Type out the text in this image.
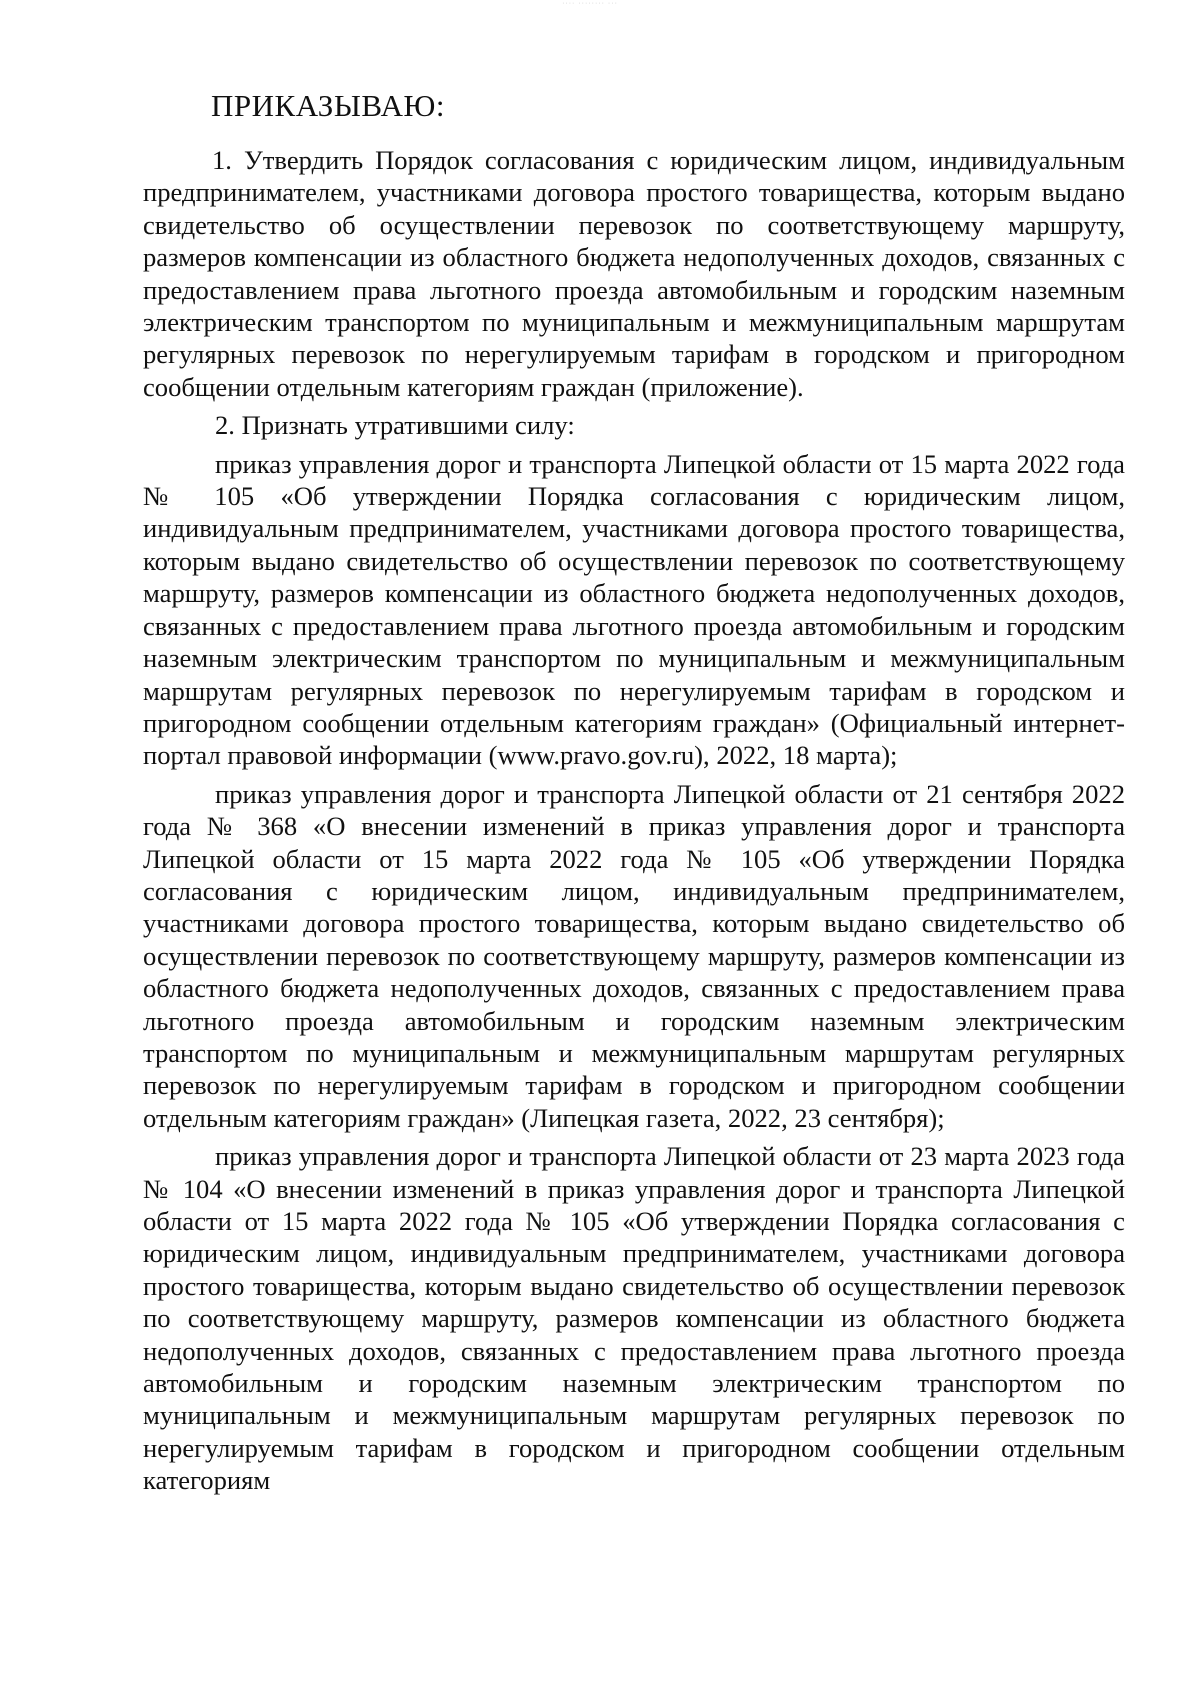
···· ········ ···
ПРИКАЗЫВАЮ:

1. Утвердить Порядок согласования с юридическим лицом, индивидуальным предпринимателем, участниками договора простого товарищества, которым выдано свидетельство об осуществлении перевозок по соответствующему маршруту, размеров компенсации из областного бюджета недополученных доходов, связанных с предоставлением права льготного проезда автомобильным и городским наземным электрическим транспортом по муниципальным и межмуниципальным маршрутам регулярных перевозок по нерегулируемым тарифам в городском и пригородном сообщении отдельным категориям граждан (приложение).

2. Признать утратившими силу:

приказ управления дорог и транспорта Липецкой области от 15 марта 2022 года № 105 «Об утверждении Порядка согласования с юридическим лицом, индивидуальным предпринимателем, участниками договора простого товарищества, которым выдано свидетельство об осуществлении перевозок по соответствующему маршруту, размеров компенсации из областного бюджета недополученных доходов, связанных с предоставлением права льготного проезда автомобильным и городским наземным электрическим транспортом по муниципальным и межмуниципальным маршрутам регулярных перевозок по нерегулируемым тарифам в городском и пригородном сообщении отдельным категориям граждан» (Официальный интернет-портал правовой информации (www.pravo.gov.ru), 2022, 18 марта);

приказ управления дорог и транспорта Липецкой области от 21 сентября 2022 года № 368 «О внесении изменений в приказ управления дорог и транспорта Липецкой области от 15 марта 2022 года № 105 «Об утверждении Порядка согласования с юридическим лицом, индивидуальным предпринимателем, участниками договора простого товарищества, которым выдано свидетельство об осуществлении перевозок по соответствующему маршруту, размеров компенсации из областного бюджета недополученных доходов, связанных с предоставлением права льготного проезда автомобильным и городским наземным электрическим транспортом по муниципальным и межмуниципальным маршрутам регулярных перевозок по нерегулируемым тарифам в городском и пригородном сообщении отдельным категориям граждан» (Липецкая газета, 2022, 23 сентября);

приказ управления дорог и транспорта Липецкой области от 23 марта 2023 года № 104 «О внесении изменений в приказ управления дорог и транспорта Липецкой области от 15 марта 2022 года № 105 «Об утверждении Порядка согласования с юридическим лицом, индивидуальным предпринимателем, участниками договора простого товарищества, которым выдано свидетельство об осуществлении перевозок по соответствующему маршруту, размеров компенсации из областного бюджета недополученных доходов, связанных с предоставлением права льготного проезда автомобильным и городским наземным электрическим транспортом по муниципальным и межмуниципальным маршрутам регулярных перевозок по нерегулируемым тарифам в городском и пригородном сообщении отдельным категориям
